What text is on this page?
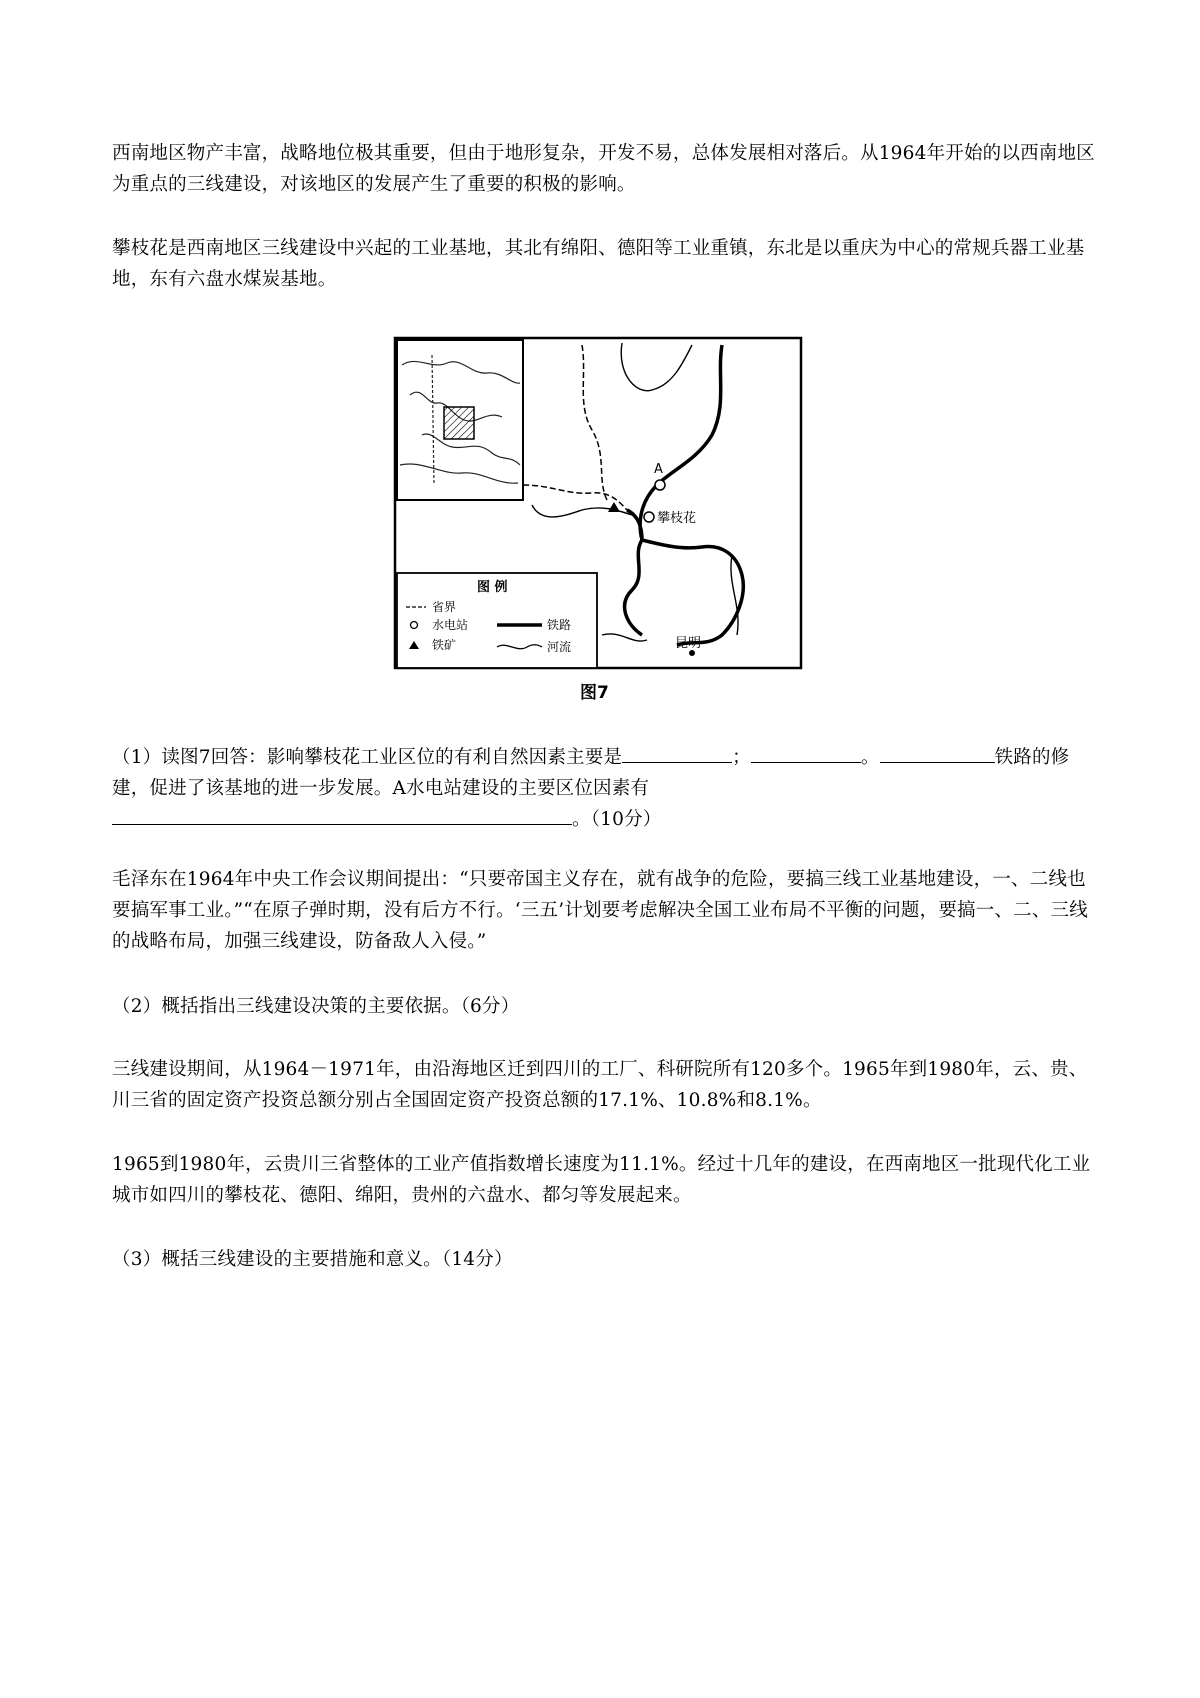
西南地区物产丰富，战略地位极其重要，但由于地形复杂，开发不易，总体发展相对落后。从1964年开始的以西南地区为重点的三线建设，对该地区的发展产生了重要的积极的影响。

攀枝花是西南地区三线建设中兴起的工业基地，其北有绵阳、德阳等工业重镇，东北是以重庆为中心的常规兵器工业基地，东有六盘水煤炭基地。

A
攀枝花
昆明
图 例
省界
水电站
铁矿
铁路
河流
图7

（1）读图7回答：影响攀枝花工业区位的有利自然因素主要是	；	。	铁路的修建，促进了该基地的进一步发展。A水电站建设的主要区位因素有
。（10分）

毛泽东在1964年中央工作会议期间提出：“只要帝国主义存在，就有战争的危险，要搞三线工业基地建设，一、二线也要搞军事工业。”“在原子弹时期，没有后方不行。‘三五’计划要考虑解决全国工业布局不平衡的问题，要搞一、二、三线的战略布局，加强三线建设，防备敌人入侵。”

（2）概括指出三线建设决策的主要依据。（6分）

三线建设期间，从1964－1971年，由沿海地区迁到四川的工厂、科研院所有120多个。1965年到1980年，云、贵、川三省的固定资产投资总额分别占全国固定资产投资总额的17.1%、10.8%和8.1%。

1965到1980年，云贵川三省整体的工业产值指数增长速度为11.1%。经过十几年的建设，在西南地区一批现代化工业城市如四川的攀枝花、德阳、绵阳，贵州的六盘水、都匀等发展起来。

（3）概括三线建设的主要措施和意义。（14分）
